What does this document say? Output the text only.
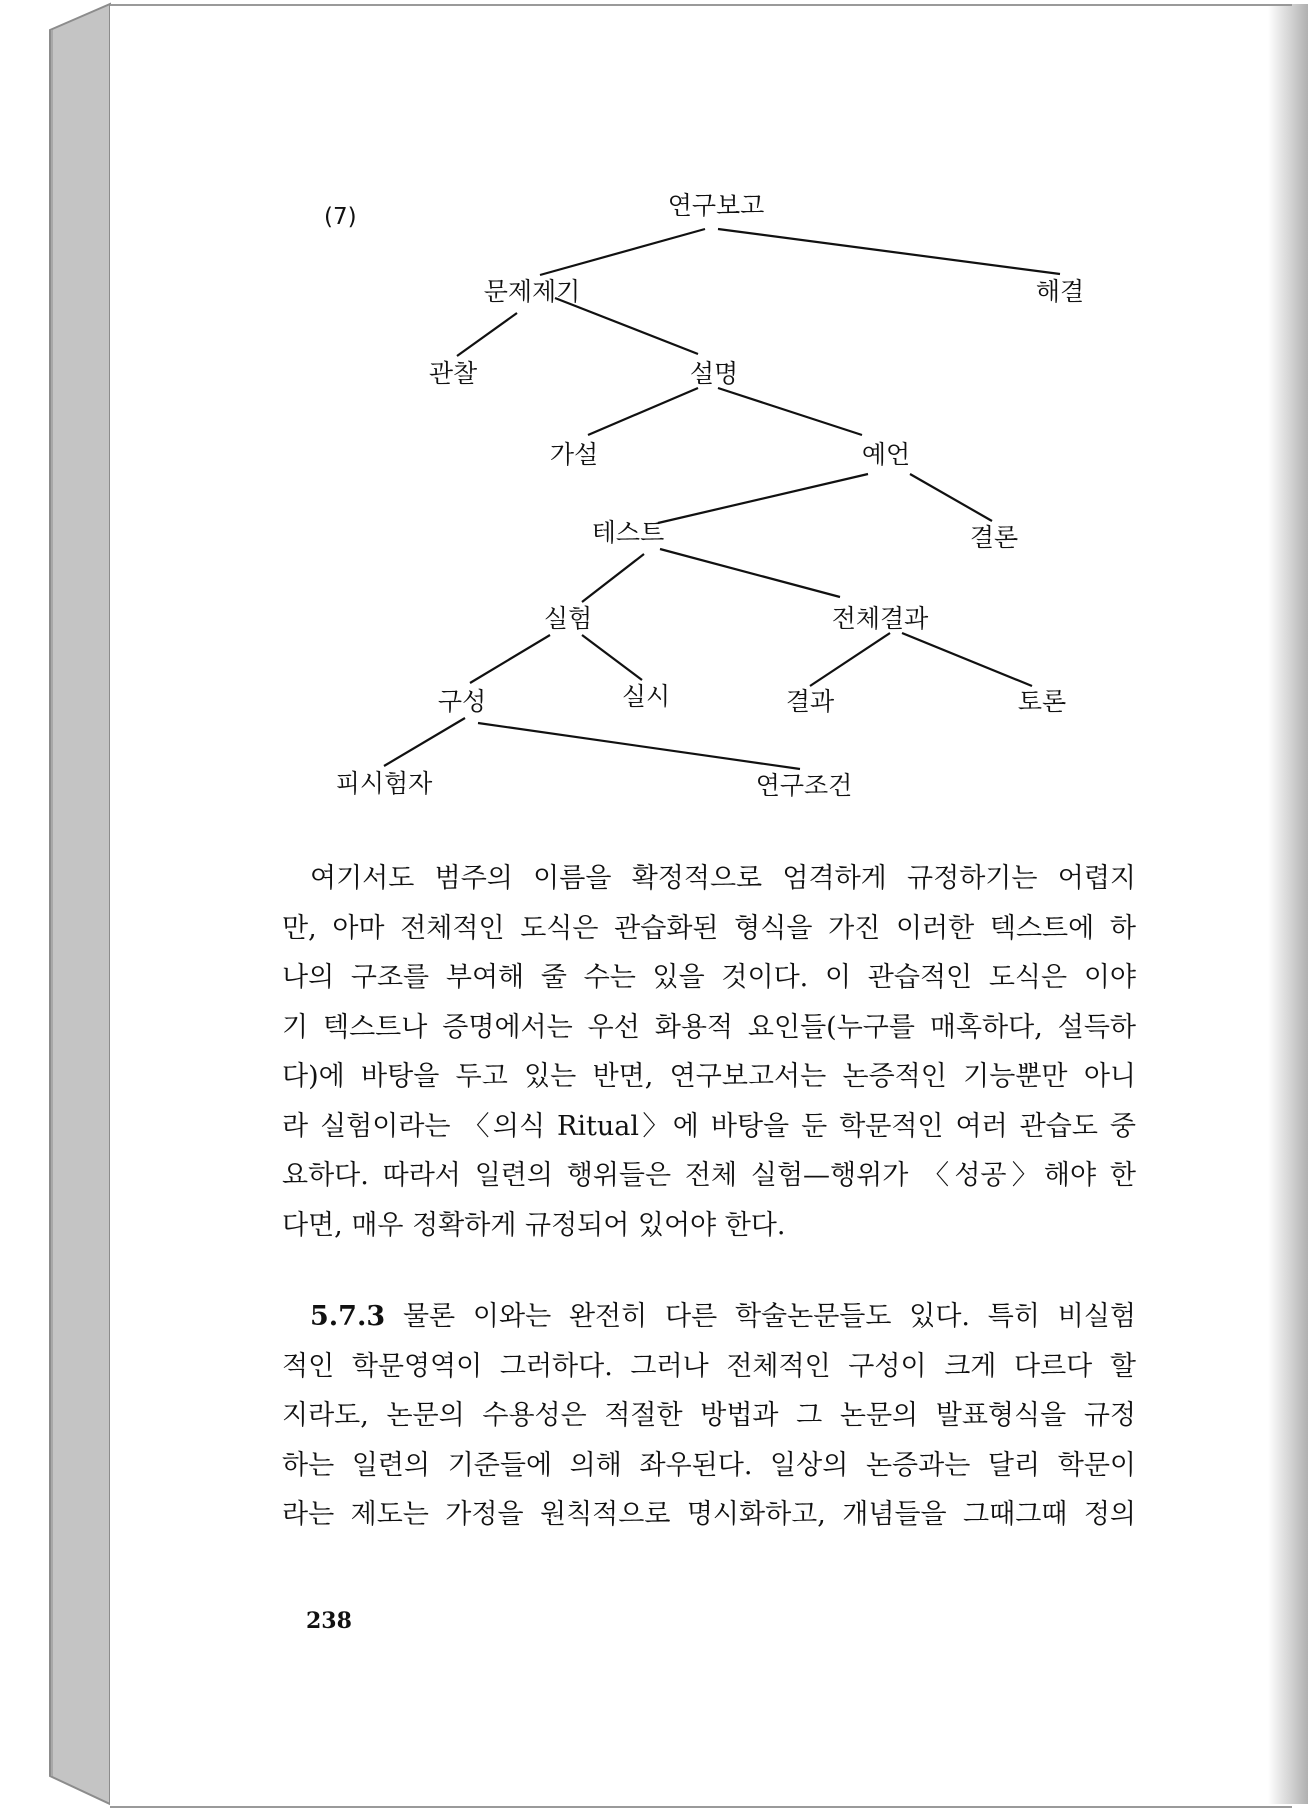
(7)	연구보고
문제제기	해결
관찰	설명
가설	예언
테스트	결론
실험	전체결과
구성	실시	결과	토론
피시험자	연구조건
여기서도 범주의 이름을 확정적으로 엄격하게 규정하기는 어렵지
만, 아마 전체적인 도식은 관습화된 형식을 가진 이러한 텍스트에 하
나의 구조를 부여해 줄 수는 있을 것이다. 이 관습적인 도식은 이야
기 텍스트나 증명에서는 우선 화용적 요인들(누구를 매혹하다, 설득하
다)에 바탕을 두고 있는 반면, 연구보고서는 논증적인 기능뿐만 아니
라 실험이라는 〈의식 Ritual〉에 바탕을 둔 학문적인 여러 관습도 중
요하다. 따라서 일련의 행위들은 전체 실험—행위가 〈성공〉해야 한
다면, 매우 정확하게 규정되어 있어야 한다.
5.7.3 물론 이와는 완전히 다른 학술논문들도 있다. 특히 비실험
적인 학문영역이 그러하다. 그러나 전체적인 구성이 크게 다르다 할
지라도, 논문의 수용성은 적절한 방법과 그 논문의 발표형식을 규정
하는 일련의 기준들에 의해 좌우된다. 일상의 논증과는 달리 학문이
라는 제도는 가정을 원칙적으로 명시화하고, 개념들을 그때그때 정의
238
